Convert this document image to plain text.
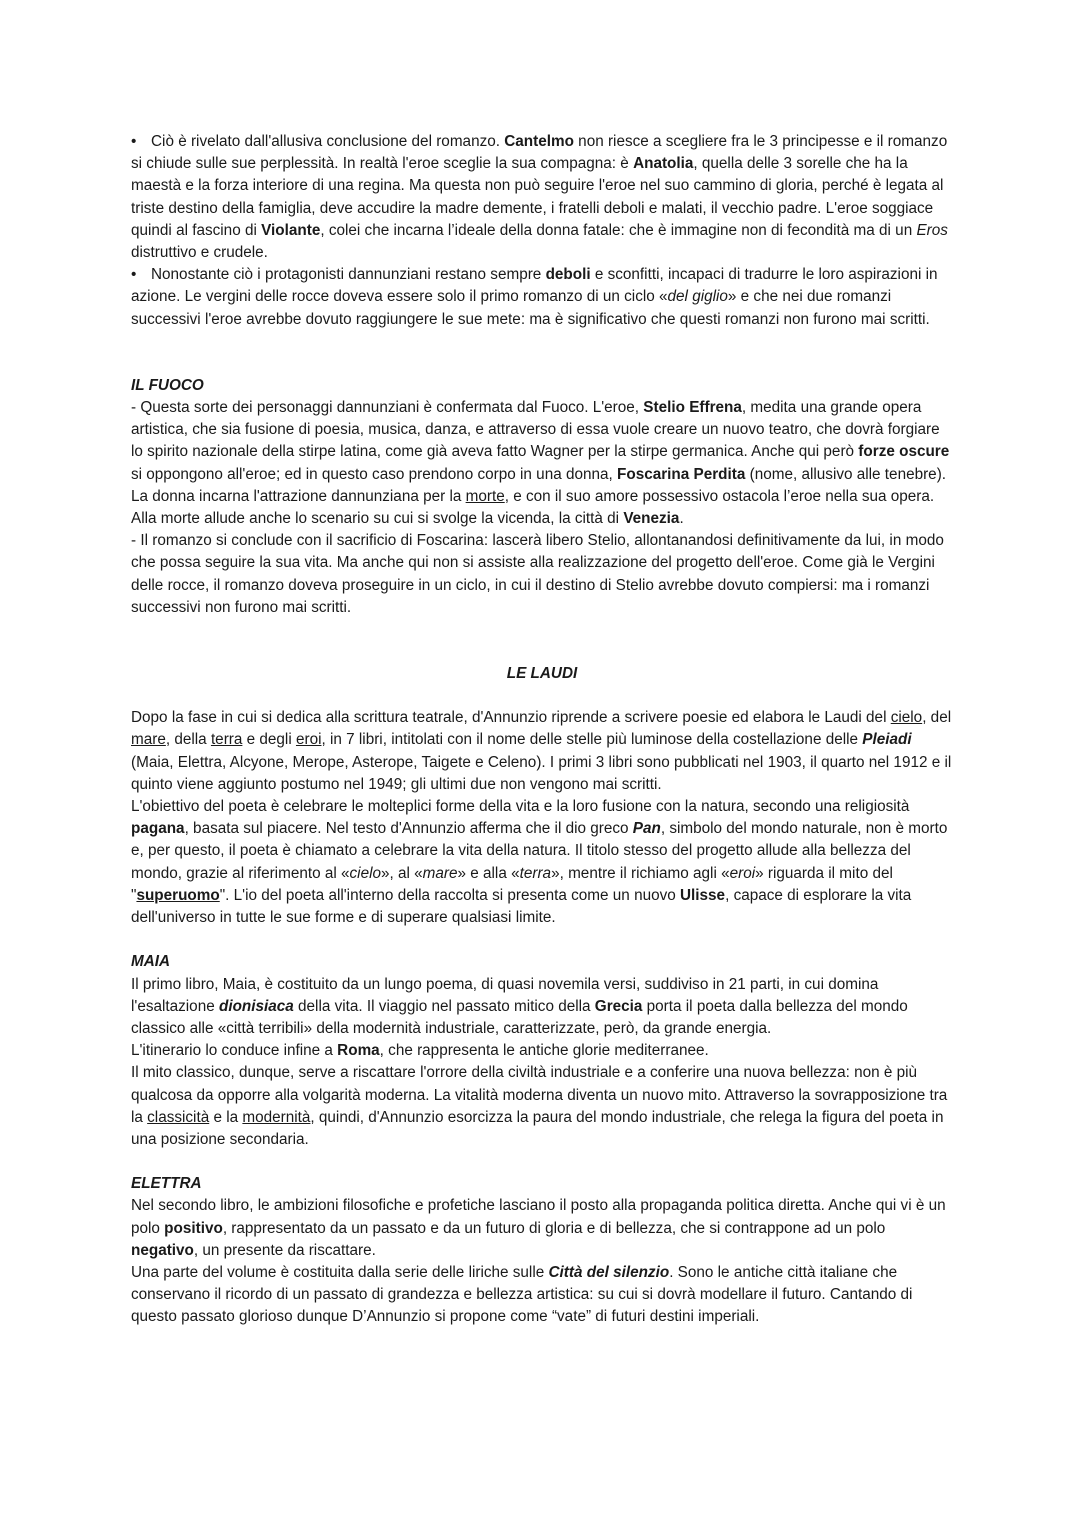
• Ciò è rivelato dall'allusiva conclusione del romanzo. Cantelmo non riesce a scegliere fra le 3 principesse e il romanzo si chiude sulle sue perplessità. In realtà l'eroe sceglie la sua compagna: è Anatolia, quella delle 3 sorelle che ha la maestà e la forza interiore di una regina. Ma questa non può seguire l'eroe nel suo cammino di gloria, perché è legata al triste destino della famiglia, deve accudire la madre demente, i fratelli deboli e malati, il vecchio padre. L'eroe soggiace quindi al fascino di Violante, colei che incarna l’ideale della donna fatale: che è immagine non di fecondità ma di un Eros distruttivo e crudele.

• Nonostante ciò i protagonisti dannunziani restano sempre deboli e sconfitti, incapaci di tradurre le loro aspirazioni in azione. Le vergini delle rocce doveva essere solo il primo romanzo di un ciclo «del giglio» e che nei due romanzi successivi l'eroe avrebbe dovuto raggiungere le sue mete: ma è significativo che questi romanzi non furono mai scritti.

IL FUOCO

- Questa sorte dei personaggi dannunziani è confermata dal Fuoco. L'eroe, Stelio Effrena, medita una grande opera artistica, che sia fusione di poesia, musica, danza, e attraverso di essa vuole creare un nuovo teatro, che dovrà forgiare lo spirito nazionale della stirpe latina, come già aveva fatto Wagner per la stirpe germanica. Anche qui però forze oscure si oppongono all'eroe; ed in questo caso prendono corpo in una donna, Foscarina Perdita (nome, allusivo alle tenebre). La donna incarna l'attrazione dannunziana per la morte, e con il suo amore possessivo ostacola l’eroe nella sua opera. Alla morte allude anche lo scenario su cui si svolge la vicenda, la città di Venezia.

- Il romanzo si conclude con il sacrificio di Foscarina: lascerà libero Stelio, allontanandosi definitivamente da lui, in modo che possa seguire la sua vita. Ma anche qui non si assiste alla realizzazione del progetto dell'eroe. Come già le Vergini delle rocce, il romanzo doveva proseguire in un ciclo, in cui il destino di Stelio avrebbe dovuto compiersi: ma i romanzi successivi non furono mai scritti.

LE LAUDI

Dopo la fase in cui si dedica alla scrittura teatrale, d'Annunzio riprende a scrivere poesie ed elabora le Laudi del cielo, del mare, della terra e degli eroi, in 7 libri, intitolati con il nome delle stelle più luminose della costellazione delle Pleiadi (Maia, Elettra, Alcyone, Merope, Asterope, Taigete e Celeno). I primi 3 libri sono pubblicati nel 1903, il quarto nel 1912 e il quinto viene aggiunto postumo nel 1949; gli ultimi due non vengono mai scritti.

L'obiettivo del poeta è celebrare le molteplici forme della vita e la loro fusione con la natura, secondo una religiosità pagana, basata sul piacere. Nel testo d'Annunzio afferma che il dio greco Pan, simbolo del mondo naturale, non è morto e, per questo, il poeta è chiamato a celebrare la vita della natura. Il titolo stesso del progetto allude alla bellezza del mondo, grazie al riferimento al «cielo», al «mare» e alla «terra», mentre il richiamo agli «eroi» riguarda il mito del "superuomo". L'io del poeta all'interno della raccolta si presenta come un nuovo Ulisse, capace di esplorare la vita dell'universo in tutte le sue forme e di superare qualsiasi limite.

MAIA

Il primo libro, Maia, è costituito da un lungo poema, di quasi novemila versi, suddiviso in 21 parti, in cui domina l'esaltazione dionisiaca della vita. Il viaggio nel passato mitico della Grecia porta il poeta dalla bellezza del mondo classico alle «città terribili» della modernità industriale, caratterizzate, però, da grande energia.

L'itinerario lo conduce infine a Roma, che rappresenta le antiche glorie mediterranee.

Il mito classico, dunque, serve a riscattare l'orrore della civiltà industriale e a conferire una nuova bellezza: non è più qualcosa da opporre alla volgarità moderna. La vitalità moderna diventa un nuovo mito. Attraverso la sovrapposizione tra la classicità e la modernità, quindi, d'Annunzio esorcizza la paura del mondo industriale, che relega la figura del poeta in una posizione secondaria.

ELETTRA

Nel secondo libro, le ambizioni filosofiche e profetiche lasciano il posto alla propaganda politica diretta. Anche qui vi è un polo positivo, rappresentato da un passato e da un futuro di gloria e di bellezza, che si contrappone ad un polo negativo, un presente da riscattare.

Una parte del volume è costituita dalla serie delle liriche sulle Città del silenzio. Sono le antiche città italiane che conservano il ricordo di un passato di grandezza e bellezza artistica: su cui si dovrà modellare il futuro. Cantando di questo passato glorioso dunque D’Annunzio si propone come “vate” di futuri destini imperiali.
